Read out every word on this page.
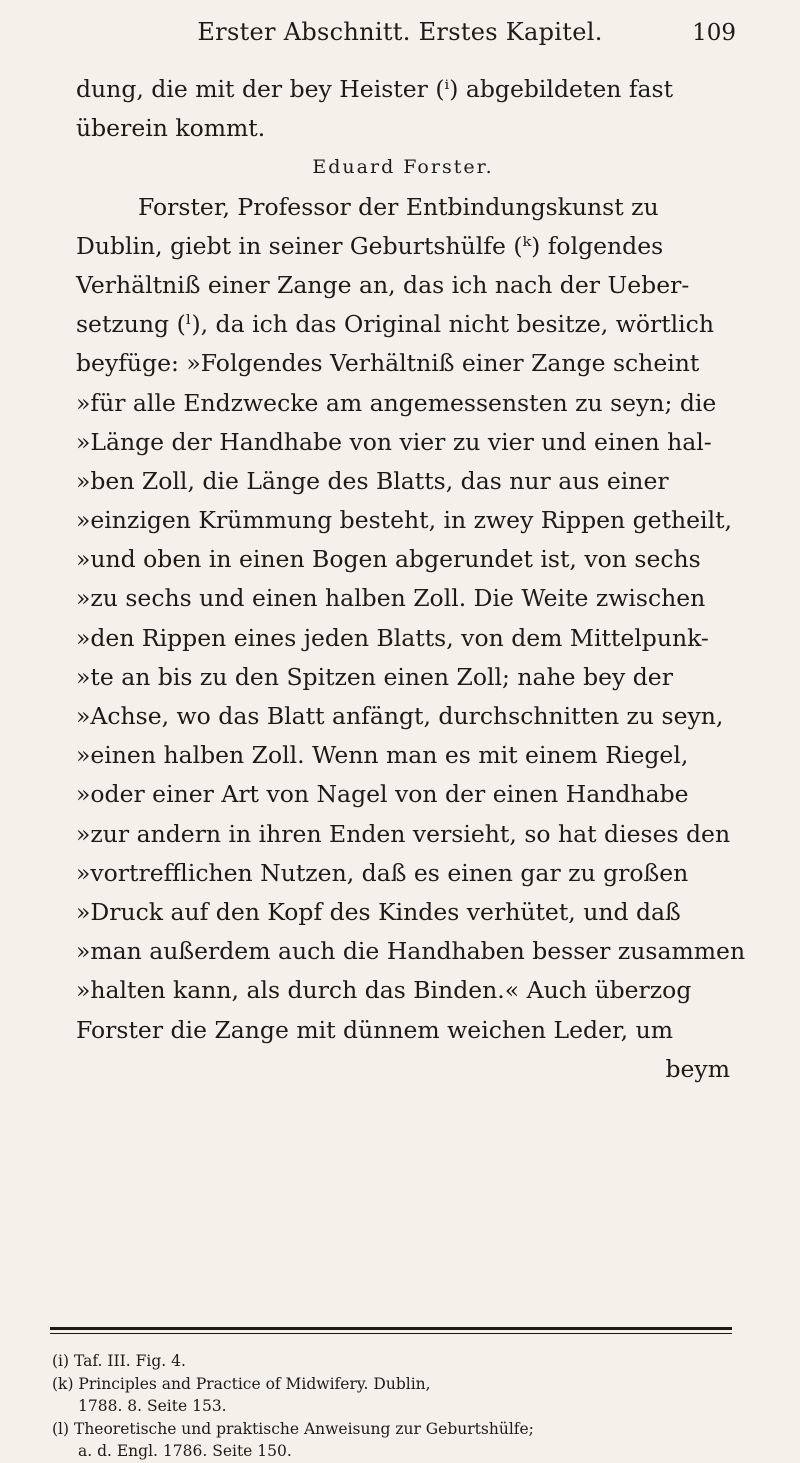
Erster Abschnitt. Erstes Kapitel.	109
dung, die mit der bey Heister (ⁱ) abgebildeten fast
überein kommt.
Eduard Forster.
Forster, Professor der Entbindungskunst zu
Dublin, giebt in seiner Geburtshülfe (ᵏ) folgendes
Verhältniß einer Zange an, das ich nach der Ueber-
setzung (ˡ), da ich das Original nicht besitze, wörtlich
beyfüge: »Folgendes Verhältniß einer Zange scheint
»für alle Endzwecke am angemessensten zu seyn; die
»Länge der Handhabe von vier zu vier und einen hal-
»ben Zoll, die Länge des Blatts, das nur aus einer
»einzigen Krümmung besteht, in zwey Rippen getheilt,
»und oben in einen Bogen abgerundet ist, von sechs
»zu sechs und einen halben Zoll. Die Weite zwischen
»den Rippen eines jeden Blatts, von dem Mittelpunk-
»te an bis zu den Spitzen einen Zoll; nahe bey der
»Achse, wo das Blatt anfängt, durchschnitten zu seyn,
»einen halben Zoll. Wenn man es mit einem Riegel,
»oder einer Art von Nagel von der einen Handhabe
»zur andern in ihren Enden versieht, so hat dieses den
»vortrefflichen Nutzen, daß es einen gar zu großen
»Druck auf den Kopf des Kindes verhütet, und daß
»man außerdem auch die Handhaben besser zusammen
»halten kann, als durch das Binden.« Auch überzog
Forster die Zange mit dünnem weichen Leder, um
beym
(i) Taf. III. Fig. 4.
(k) Principles and Practice of Midwifery. Dublin,
1788. 8. Seite 153.
(l) Theoretische und praktische Anweisung zur Geburtshülfe;
a. d. Engl. 1786. Seite 150.
